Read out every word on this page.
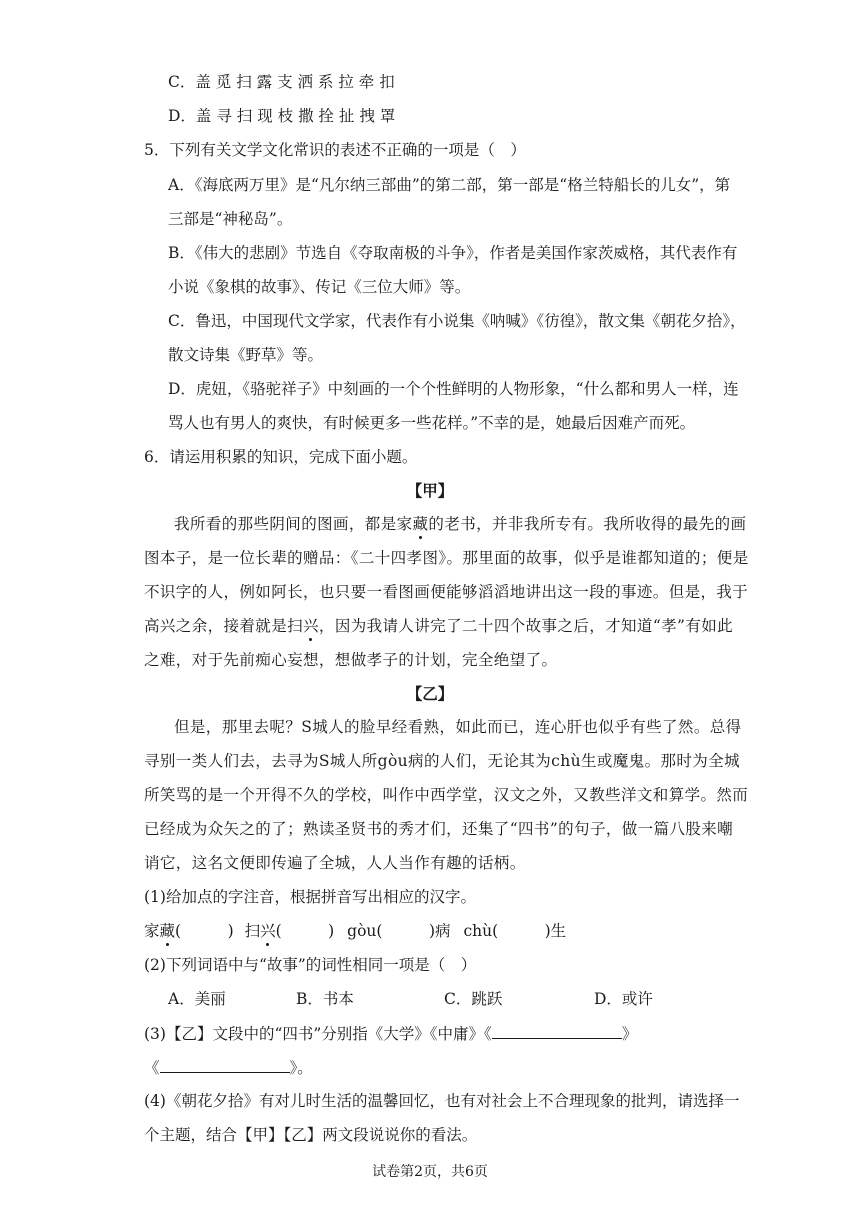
C．盖 觅 扫 露 支 洒 系 拉 牵 扣
D．盖 寻 扫 现 枝 撒 拴 扯 拽 罩
5．下列有关文学文化常识的表述不正确的一项是（　）
A．《海底两万里》是“凡尔纳三部曲”的第二部，第一部是“格兰特船长的儿女”，第
三部是“神秘岛”。
B．《伟大的悲剧》节选自《夺取南极的斗争》，作者是美国作家茨威格，其代表作有
小说《象棋的故事》、传记《三位大师》等。
C．鲁迅，中国现代文学家，代表作有小说集《呐喊》《彷徨》，散文集《朝花夕拾》，
散文诗集《野草》等。
D．虎妞，《骆驼祥子》中刻画的一个个性鲜明的人物形象，“什么都和男人一样，连
骂人也有男人的爽快，有时候更多一些花样。”不幸的是，她最后因难产而死。
6．请运用积累的知识，完成下面小题。
【甲】
我所看的那些阴间的图画，都是家藏的老书，并非我所专有。我所收得的最先的画
图本子，是一位长辈的赠品：《二十四孝图》。那里面的故事，似乎是谁都知道的；便是
不识字的人，例如阿长，也只要一看图画便能够滔滔地讲出这一段的事迹。但是，我于
高兴之余，接着就是扫兴，因为我请人讲完了二十四个故事之后，才知道“孝”有如此
之难，对于先前痴心妄想，想做孝子的计划，完全绝望了。
【乙】
但是，那里去呢？S城人的脸早经看熟，如此而已，连心肝也似乎有些了然。总得
寻别一类人们去，去寻为S城人所gòu病的人们，无论其为chù生或魔鬼。那时为全城
所笑骂的是一个开得不久的学校，叫作中西学堂，汉文之外，又教些洋文和算学。然而
已经成为众矢之的了；熟读圣贤书的秀才们，还集了“四书”的句子，做一篇八股来嘲
诮它，这名文便即传遍了全城，人人当作有趣的话柄。
(1)给加点的字注音，根据拼音写出相应的汉字。
家藏(　　　) 扫兴(　　　) gòu(　　　)病 chù(　　　)生
(2)下列词语中与“故事”的词性相同一项是（　）
A．美丽	B．书本	C．跳跃	D．或许
(3)【乙】文段中的“四书”分别指《大学》《中庸》《	》
《	》。
(4)《朝花夕拾》有对儿时生活的温馨回忆，也有对社会上不合理现象的批判，请选择一
个主题，结合【甲】【乙】两文段说说你的看法。
试卷第2页，共6页
